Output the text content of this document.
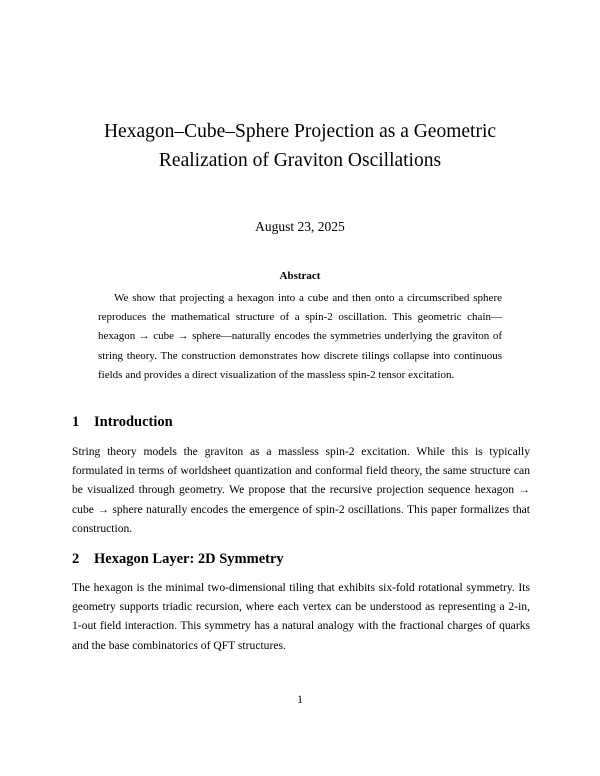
Hexagon–Cube–Sphere Projection as a Geometric Realization of Graviton Oscillations
August 23, 2025
Abstract
We show that projecting a hexagon into a cube and then onto a circumscribed sphere reproduces the mathematical structure of a spin-2 oscillation. This geometric chain—hexagon → cube → sphere—naturally encodes the symmetries underlying the graviton of string theory. The construction demonstrates how discrete tilings collapse into continuous fields and provides a direct visualization of the massless spin-2 tensor excitation.
1 Introduction
String theory models the graviton as a massless spin-2 excitation. While this is typically formulated in terms of worldsheet quantization and conformal field theory, the same structure can be visualized through geometry. We propose that the recursive projection sequence hexagon → cube → sphere naturally encodes the emergence of spin-2 oscillations. This paper formalizes that construction.
2 Hexagon Layer: 2D Symmetry
The hexagon is the minimal two-dimensional tiling that exhibits six-fold rotational symmetry. Its geometry supports triadic recursion, where each vertex can be understood as representing a 2-in, 1-out field interaction. This symmetry has a natural analogy with the fractional charges of quarks and the base combinatorics of QFT structures.
1
